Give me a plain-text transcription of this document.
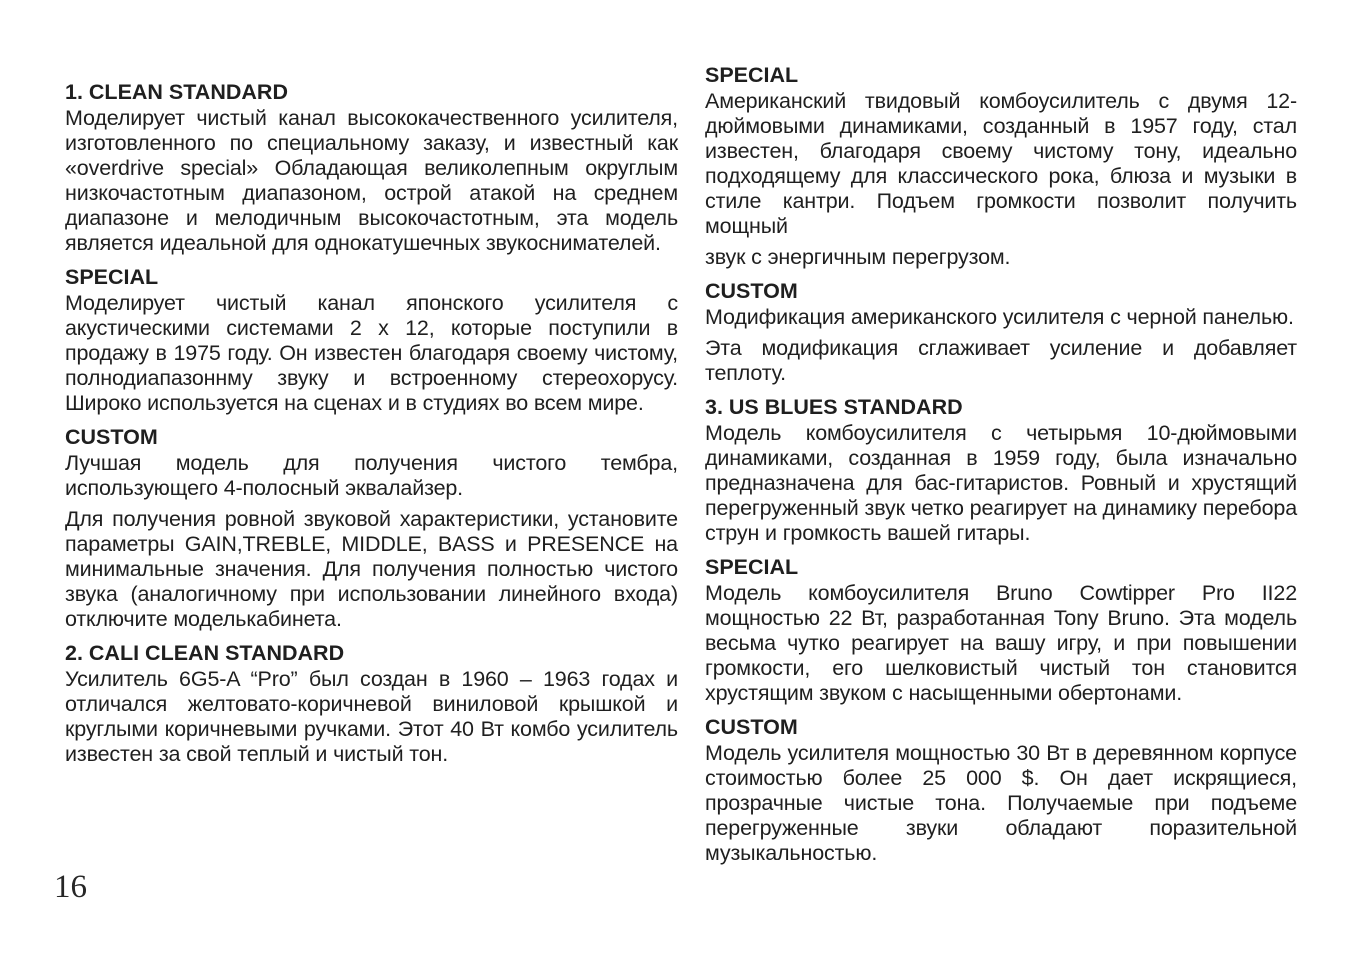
1. CLEAN STANDARD

Моделирует чистый канал высококачественного усилителя, изготовленного по специальному заказу, и известный как «overdrive special» Обладающая великолепным округлым низкочастотным диапазоном, острой атакой на среднем диапазоне и мелодичным высокочастотным, эта модель является идеальной для однокатушечных звукоснимателей.

SPECIAL

Моделирует чистый канал японского усилителя с акустическими системами 2 х 12, которые поступили в продажу в 1975 году. Он известен благодаря своему чистому, полнодиапазоннму звуку и встроенному стереохорусу. Широко используется на сценах и в студиях во всем мире.

CUSTOM

Лучшая модель для получения чистого тембра, использующего 4-полосный эквалайзер.

Для получения ровной звуковой характеристики, установите параметры GAIN,TREBLE, MIDDLE, BASS и PRESENCE на минимальные значения. Для получения полностью чистого звука (аналогичному при использовании линейного входа) отключите моделькабинета.

2. CALI CLEAN STANDARD

Усилитель 6G5-A “Pro” был создан в 1960 – 1963 годах и отличался желтовато-коричневой виниловой крышкой и круглыми коричневыми ручками. Этот 40 Вт комбо усилитель известен за свой теплый и чистый тон.

SPECIAL

Американский твидовый комбоусилитель с двумя 12-дюймовыми динамиками, созданный в 1957 году, стал известен, благодаря своему чистому тону, идеально подходящему для классического рока, блюза и музыки в стиле кантри. Подъем громкости позволит получить мощный

звук с энергичным перегрузом.

CUSTOM

Модификация американского усилителя с черной панелью.

Эта модификация сглаживает усиление и добавляет теплоту.

3. US BLUES STANDARD

Модель комбоусилителя с четырьмя 10-дюймовыми динамиками, созданная в 1959 году, была изначально предназначена для бас-гитаристов. Ровный и хрустящий перегруженный звук четко реагирует на динамику перебора струн и громкость вашей гитары.

SPECIAL

Модель комбоусилителя Bruno Cowtipper Pro II22 мощностью 22 Вт, разработанная Tony Bruno. Эта модель весьма чутко реагирует на вашу игру, и при повышении громкости, его шелковистый чистый тон становится хрустящим звуком с насыщенными обертонами.

CUSTOM

Модель усилителя мощностью 30 Вт в деревянном корпусе стоимостью более 25 000 $. Он дает искрящиеся, прозрачные чистые тона. Получаемые при подъеме перегруженные звуки обладают поразительной музыкальностью.

16
